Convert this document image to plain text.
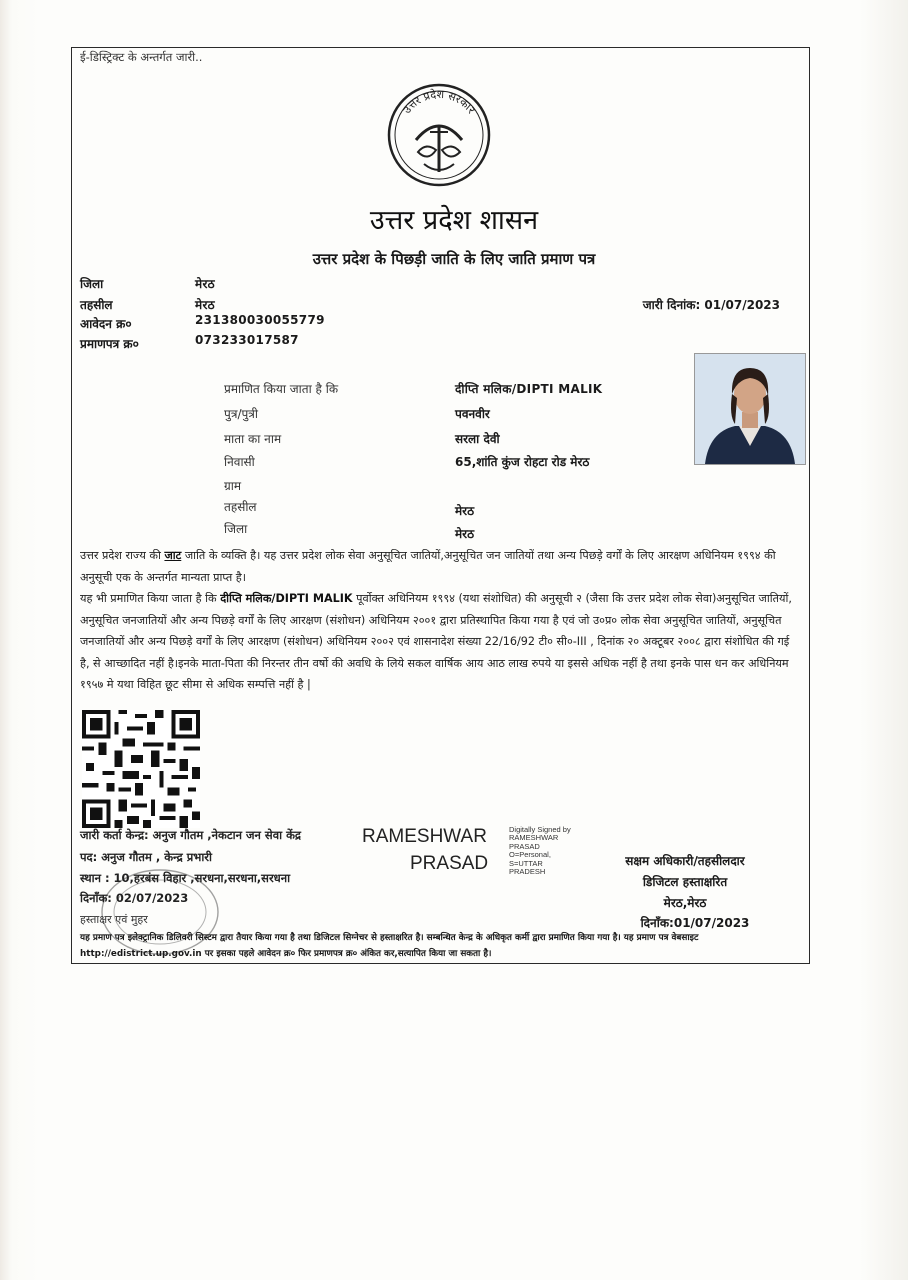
ई-डिस्ट्रिक्ट के अन्तर्गत जारी..
उत्तर प्रदेश सरकार
उत्तर प्रदेश शासन
उत्तर प्रदेश के पिछड़ी जाति के लिए जाति प्रमाण पत्र
जिला	मेरठ
तहसील	मेरठ
आवेदन क्र०	231380030055779
प्रमाणपत्र क्र०	073233017587
जारी दिनांक: 01/07/2023
प्रमाणित किया जाता है कि	दीप्ति मलिक/DIPTI MALIK
पुत्र/पुत्री	पवनवीर
माता का नाम	सरला देवी
निवासी	65,शांति कुंज रोहटा रोड मेरठ
ग्राम
तहसील	मेरठ
जिला	मेरठ
उत्तर प्रदेश राज्य की जाट जाति के व्यक्ति है। यह उत्तर प्रदेश लोक सेवा अनुसूचित जातियों,अनुसूचित जन जातियों तथा अन्य पिछड़े वर्गों के लिए आरक्षण अधिनियम १९९४ की अनुसूची एक के अन्तर्गत मान्यता प्राप्त है।
यह भी प्रमाणित किया जाता है कि दीप्ति मलिक/DIPTI MALIK पूर्वोक्त अधिनियम १९९४ (यथा संशोधित) की अनुसूची २ (जैसा कि उत्तर प्रदेश लोक सेवा)अनुसूचित जातियों, अनुसूचित जनजातियों और अन्य पिछड़े वर्गों के लिए आरक्षण (संशोधन) अधिनियम २००१ द्वारा प्रतिस्थापित किया गया है एवं जो उ०प्र० लोक सेवा अनुसूचित जातियों, अनुसूचित जनजातियों और अन्य पिछड़े वर्गों के लिए आरक्षण (संशोधन) अधिनियम २००२ एवं शासनादेश संख्या 22/16/92 टी० सी०-III , दिनांक २० अक्टूबर २००८ द्वारा संशोधित की गई है, से आच्छादित नहीं है।इनके माता-पिता की निरन्तर तीन वर्षो की अवधि के लिये सकल वार्षिक आय आठ लाख रुपये या इससे अधिक नहीं है तथा इनके पास धन कर अधिनियम १९५७ मे यथा विहित छूट सीमा से अधिक सम्पत्ति नहीं है |
जारी कर्ता केन्द्र: अनुज गौतम ,नेकटान जन सेवा केंद्र
पद: अनुज गौतम , केन्द्र प्रभारी
स्थान : 10,हरबंस विहार ,सरधना,सरधना,सरधना
दिनाँक: 02/07/2023
हस्ताक्षर एवं मुहर
RAMESHWAR
PRASAD
Digitally Signed by RAMESHWAR PRASAD O=Personal, S=UTTAR PRADESH
सक्षम अधिकारी/तहसीलदार
डिजिटल हस्ताक्षरित
मेरठ,मेरठ
दिनाँक:01/07/2023
यह प्रमाण पत्र इलेक्ट्रानिक डिलिवरी सिस्टम द्वारा तैयार किया गया है तथा डिजिटल सिग्नेचर से हस्ताक्षरित है। सम्बन्धित केन्द्र के अधिकृत कर्मी द्वारा प्रमाणित किया गया है। यह प्रमाण पत्र वेबसाइट http://edistrict.up.gov.in पर इसका पहले आवेदन क्र० फिर प्रमाणपत्र क्र० अंकित कर,सत्यापित किया जा सकता है।
